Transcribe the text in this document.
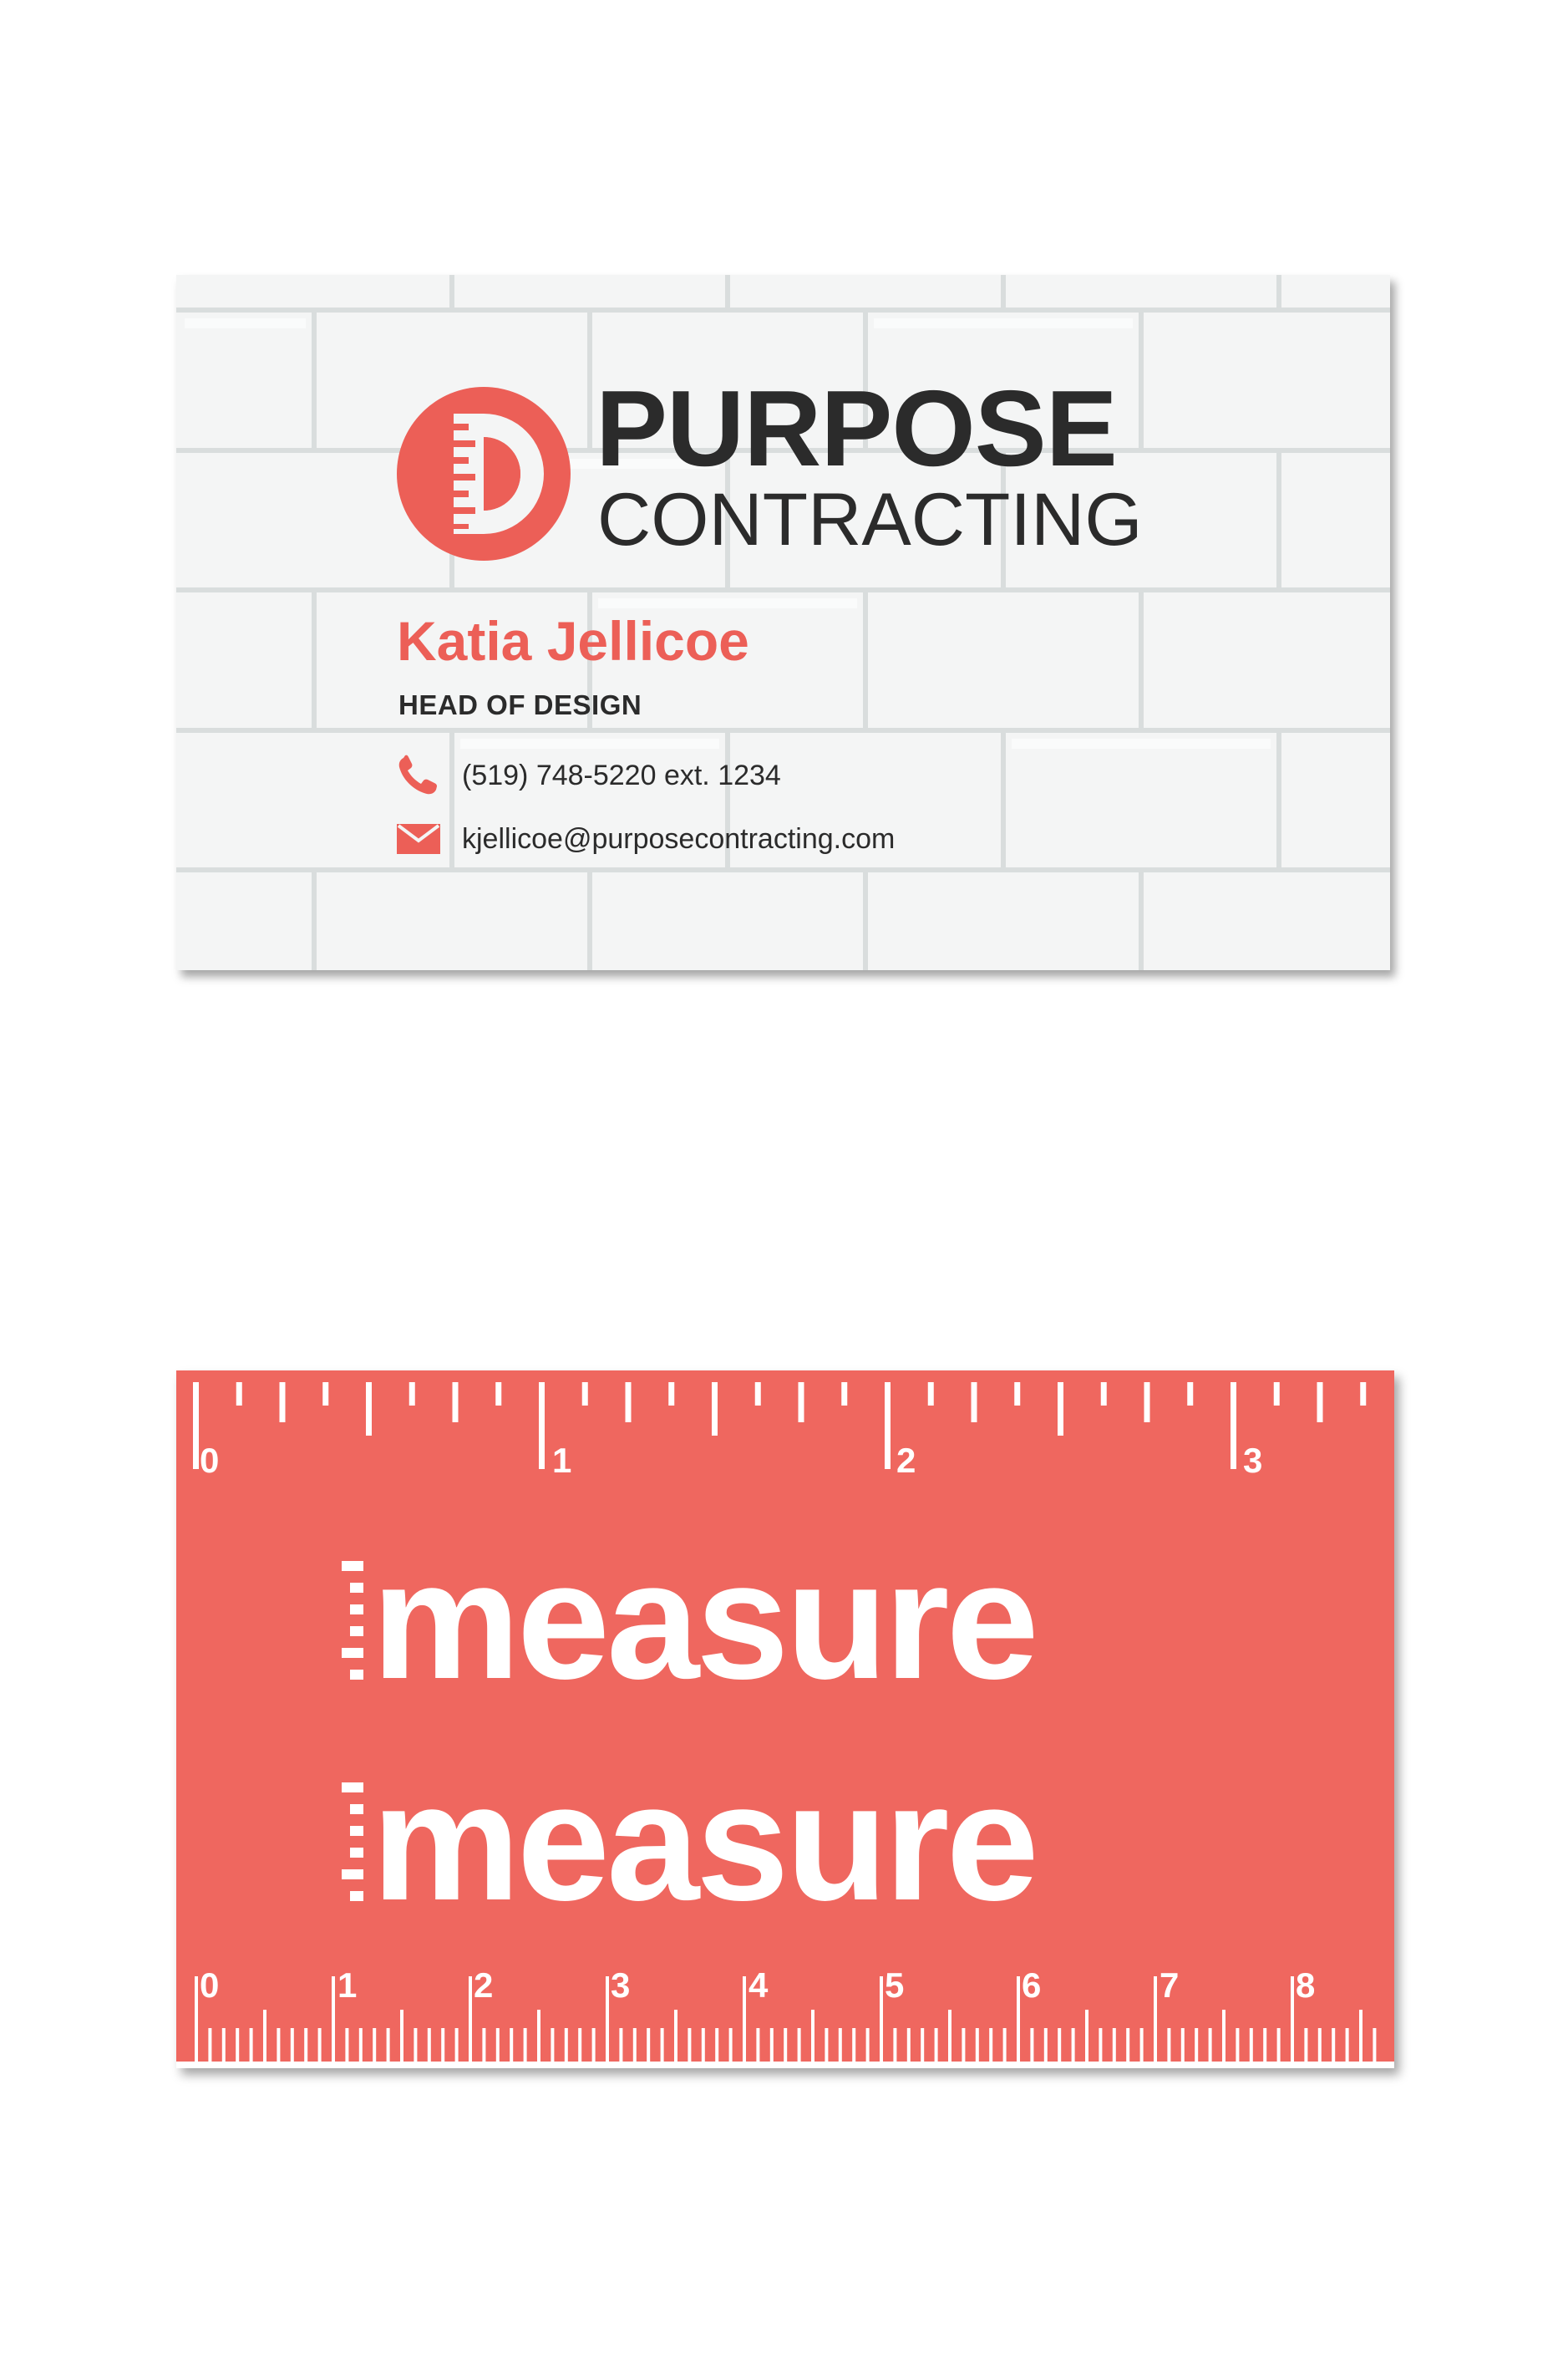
PURPOSE
CONTRACTING
Katia Jellicoe
HEAD OF DESIGN
(519) 748-5220 ext. 1234
kjellicoe@purposecontracting.com
0	1	2	3
0	1	2	3	4	5	6	7	8
measure
measure
